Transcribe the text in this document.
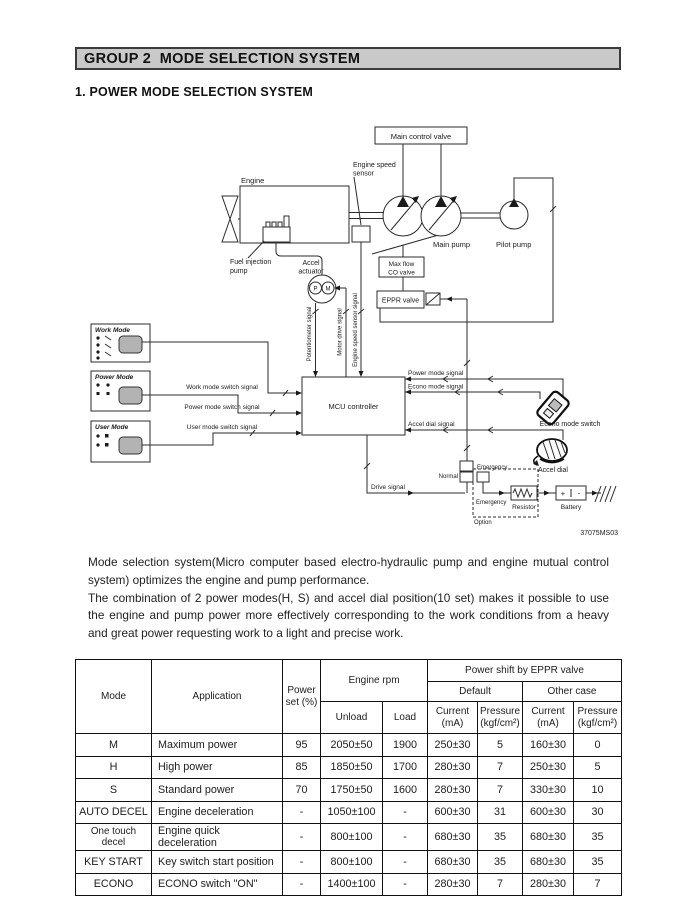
GROUP 2  MODE SELECTION SYSTEM
1. POWER MODE SELECTION SYSTEM
Main control valve
Engine
Fuel injection
pump
Accel
actuator
P M
Engine speed
sensor
Main pump	Pilot pump
Max flow
CO valve
EPPR valve
MCU controller
Potentiometer signal	Motor drive signal Engine speed sensor signal
Work Mode
Power Mode
User Mode
Work mode switch signal
Power mode switch signal
User mode switch signal
Power mode signal
Econo mode signal
Accel dial signal	Econo mode switch
Accel dial
Normal
Emergency
Drive signal
Option
Emergency
Resistor
+ -
Battery
37075MS03

Mode selection system(Micro computer based electro-hydraulic pump and engine mutual control system) optimizes the engine and pump performance.

The combination of 2 power modes(H, S) and accel dial position(10 set) makes it possible to use the engine and pump power more effectively corresponding to the work conditions from a heavy and great power requesting work to a light and precise work.

Mode	Application	Power set (%)	Engine rpm		Power shift by EPPR valve			
					Default		Other case	
			Unload	Load	Current (mA)	Pressure (kgf/cm²)	Current (mA)	Pressure (kgf/cm²)
M	Maximum power	95	2050±50	1900	250±30	5	160±30	0
H	High power	85	1850±50	1700	280±30	7	250±30	5
S	Standard power	70	1750±50	1600	280±30	7	330±30	10
AUTO DECEL	Engine deceleration	-	1050±100	-	600±30	31	600±30	30
One touch decel	Engine quick deceleration	-	800±100	-	680±30	35	680±30	35
KEY START	Key switch start position	-	800±100	-	680±30	35	680±30	35
ECONO	ECONO switch "ON"	-	1400±100	-	280±30	7	280±30	7
